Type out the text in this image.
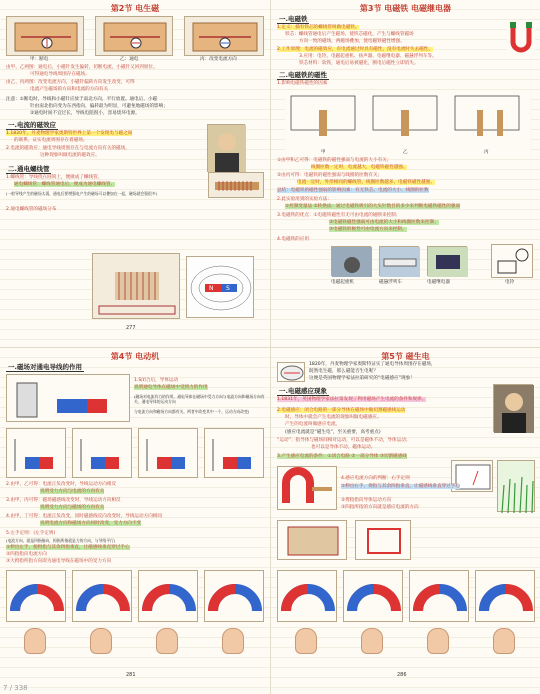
第2节 电生磁
甲：断电	乙：通电	丙：改变电流方向
由甲、乙两图：通电后，小磁针发生偏转，切断电流，小磁针又回到原位。
可得通电导线周围存在磁场。
由乙、丙两图：改变电流方向，小磁针偏转方向发生改变，可得
电流产生磁场的方向和电流的方向有关
注意：①断电时，导线和小磁针应放于南北方向，平行放置。通电后，小磁
针由南北指向变为东西指向，偏转最为明显，可避免地磁场的影响；
②通电时间不宜过长，导线电阻很小，容易烧坏电源。
一.电流的磁效应
1.1820年，丹麦物理学家奥斯特世界上第一个发现电与磁之间
的联系，证实电流周围存在着磁场。
2.电流的磁效应：通电导线周围存在与电流方向有关的磁场，
这种现象叫做电流的磁效应。
二.通电螺线管
1.螺线管：导线绕在圆筒上，便做成了螺线管。
通电螺线管：螺线管通电后，便成为通电螺线管。
(一般导线产生的磁场太弱，通电后要增强电产生的磁场可以叠加在一起，磁场就会强很多)
2.通电螺线管的磁场分布
N S
277
第3节 电磁铁 电磁继电器
一.电磁铁
1.定义：插有铁芯的螺线管叫做电磁铁。
铁芯：螺线管通电后产生磁场，使铁芯磁化，产生与螺线管磁场
方向一致的磁场，两磁场叠加，使电磁铁磁性增强。
2.工作原理：电流的磁效应，有电流通过时具有磁性，没有电流时失去磁性。
3.应用：电铃、电磁起重机、扬声器、电磁继电器、磁悬浮列车等。
铁芯材料：软铁，通电后易被磁化，断电后磁性立即消失。
二.电磁铁的磁性
1.影响电磁铁磁性的因素
甲	乙	丙
①由甲和乙可得：电磁铁的磁性强弱与电流的大小有关；
线圈匝数一定时，电流越大，电磁铁磁性越强。
②由丙可得：电磁铁的磁性强弱与线圈的匝数有关；
电流一定时，外形相同的螺线管，线圈匝数越多，电磁铁磁性越强。
总结：电磁铁的磁性强弱的影响因素：有无铁芯、电流的大小、线圈的匝数
2.此实验用到的实验方法：
①控制变量法 ②转换法：通过电磁铁吸引的大头针数目的多少来判断电磁铁磁性的强弱
3.电磁铁的优点：①电磁铁磁性有无可由电流的通断来控制；
②电磁铁磁性强弱可由电流的大小和线圈匝数来控制；
③电磁铁的极性可由电流方向来控制。
4.电磁铁的应用
电磁起重机	磁悬浮列车	电磁继电器	电铃
第4节 电动机
一.磁场对通电导线的作用
1.S闭合后，导体运动
说明通电导体在磁场中受到力的作用
(磁场对电流有力的作用，通电导体在磁场中受力方向与电流方向和磁场方向有关，通电导体的运动方向
与电流方向和磁场方向都有关，两者中改变其中一个，运动方向改变)
2.由甲、乙可得：电流正负改变时，导线运动方向相反
说明受力方向与电流的方向有关
3.由甲、丙可得：磁场磁感线改变时，导线运动方向相反
说明受力方向与磁场的方向有关
4.由甲、丁可得：电流正负改变，同时磁感线反向改变时，导线运动方向相同
说明电流方向和磁场方向同时改变，受力方向不变
5.左手定则：(左手定则)
(电流方向，就是四指指向，拇指所指就是力的方向，与导线平行)
①伸出左手，使拇指与其余四指垂直，让磁感线垂直穿过手心
②四指指向电流方向
③大拇指所指方向即为通电导线在磁场中的受力方向
281
第5节 磁生电
1820年，丹麦物理学家奥斯特证实了通电导体周围存在磁场，
既然电生磁，那么磁能否生电呢？
这便是英国物理学家法拉第研究的“电磁感应”现象！
一.电磁感应现象
1.1831年，英国物理学家法拉第发现了利用磁场产生电流的条件和规律。
2.电磁感应：闭合电路的一部分导体在磁场中做切割磁感线运动
时，导体中就会产生电流的现象叫做电磁感应。
产生的电流叫做感应电流。
(感应电流就是“磁生电”，至关重要，高考重点)
“运动”：指导体与磁场间相对运动，可以是磁体不动，导体运动；
也可以是导体不动，磁体运动。
3.产生感应电流的条件：①闭合电路 ②一部分导体 ③切割磁感线
4.感应电流方向的判断：右手定则
①伸出右手，拇指与其余四指垂直，让磁感线垂直穿过手心
②拇指指向导体运动方向
③四指所指的方向就是感应电流的方向
286
7 / 338
